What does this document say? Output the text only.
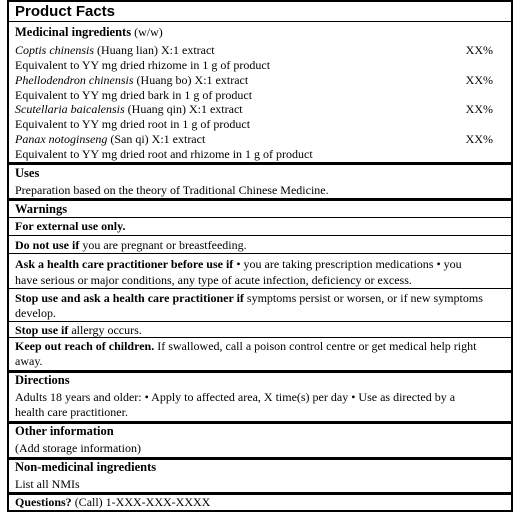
Product Facts
Medicinal ingredients (w/w)
Coptis chinensis (Huang lian) X:1 extract	XX%
Equivalent to YY mg dried rhizome in 1 g of product
Phellodendron chinensis (Huang bo) X:1 extract	XX%
Equivalent to YY mg dried bark in 1 g of product
Scutellaria baicalensis (Huang qin) X:1 extract	XX%
Equivalent to YY mg dried root in 1 g of product
Panax notoginseng (San qi) X:1 extract	XX%
Equivalent to YY mg dried root and rhizome in 1 g of product
Uses
Preparation based on the theory of Traditional Chinese Medicine.
Warnings
For external use only.
Do not use if you are pregnant or breastfeeding.
Ask a health care practitioner before use if • you are taking prescription medications • you
have serious or major conditions, any type of acute infection, deficiency or excess.
Stop use and ask a health care practitioner if symptoms persist or worsen, or if new symptoms
develop.
Stop use if allergy occurs.
Keep out reach of children. If swallowed, call a poison control centre or get medical help right
away.
Directions
Adults 18 years and older: • Apply to affected area, X time(s) per day • Use as directed by a
health care practitioner.
Other information
(Add storage information)
Non-medicinal ingredients
List all NMIs
Questions? (Call) 1-XXX-XXX-XXXX
